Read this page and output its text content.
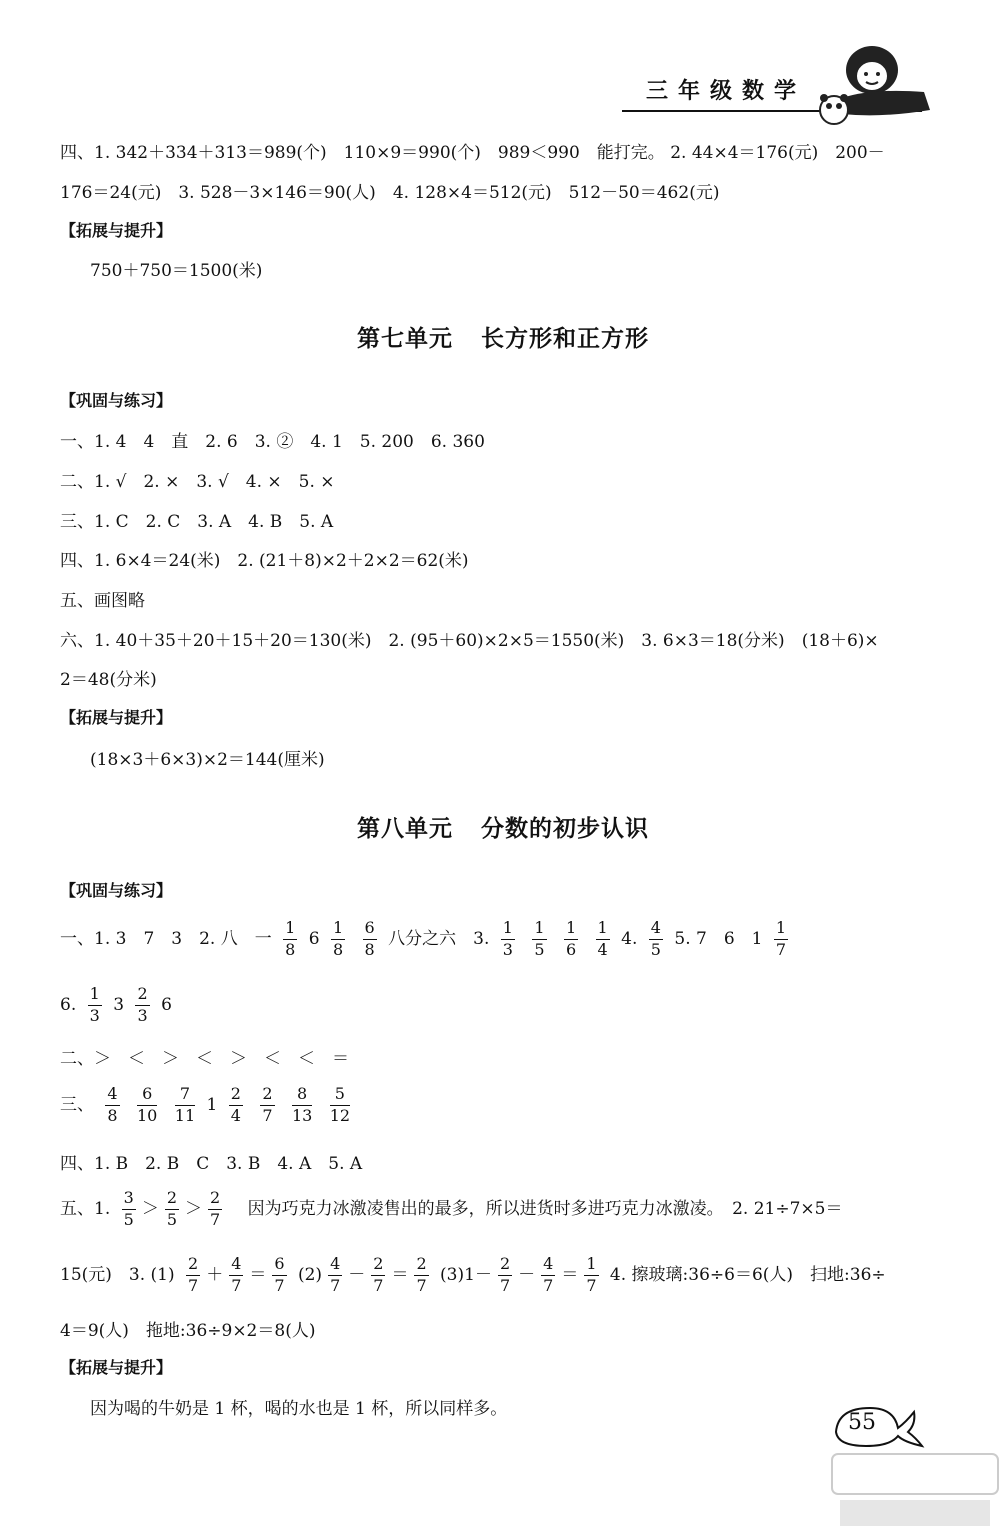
三年级数学
四、1. 342＋334＋313＝989(个)　110×9＝990(个)　989＜990　能打完。 2. 44×4＝176(元)　200－
176＝24(元)　3. 528－3×146＝90(人)　4. 128×4＝512(元)　512－50＝462(元)
【拓展与提升】
750＋750＝1500(米)
第七单元 长方形和正方形
【巩固与练习】
一、1. 4　4　直　2. 6　3. ②　4. 1　5. 200　6. 360
二、1. √　2. ×　3. √　4. ×　5. ×
三、1. C　2. C　3. A　4. B　5. A
四、1. 6×4＝24(米)　2. (21＋8)×2＋2×2＝62(米)
五、画图略
六、1. 40＋35＋20＋15＋20＝130(米)　2. (95＋60)×2×5＝1550(米)　3. 6×3＝18(分米)　(18＋6)×
2＝48(分米)
【拓展与提升】
(18×3＋6×3)×2＝144(厘米)
第八单元 分数的初步认识
【巩固与练习】
一、1. 3　7　3　2. 八　一 $\frac{1}{8} 6 \frac{1}{8}$
$\frac{6}{8}$ 八分之六　3. $\frac{1}{3}$
$\frac{1}{5}$
$\frac{1}{6}$
$\frac{1}{4} 4$. $\frac{4}{5} 5$. 7　6　$1 \frac{1}{7}$
6. $\frac{1}{3} 3 \frac{2}{3} 6$
二、＞　＜　＞　＜　＞　＜　＜　＝
三、 $\frac{4}{8}$
$\frac{6}{10}$
$\frac{7}{11} 1 \frac{2}{4}$
$\frac{2}{7}$
$\frac{8}{13}$
$\frac{5}{12}$
四、1. B　2. B　C　3. B　4. A　5. A
五、1. $\frac{3}{5} > \frac{2}{5} > \frac{2}{7}$ 因为巧克力冰激凌售出的最多，所以进货时多进巧克力冰激凌。　2. 21÷7×5＝
15(元)　3. $(1) \frac{2}{7} + \frac{4}{7} = \frac{6}{7} (2) \frac{4}{7} - \frac{2}{7} = \frac{2}{7} (3)1- \frac{2}{7} - \frac{4}{7} = \frac{1}{7} 4$. 擦玻璃:36÷6＝6(人)　扫地:36÷
4＝9(人)　拖地:36÷9×2＝8(人)
【拓展与提升】
因为喝的牛奶是 1 杯，喝的水也是 1 杯，所以同样多。
55
